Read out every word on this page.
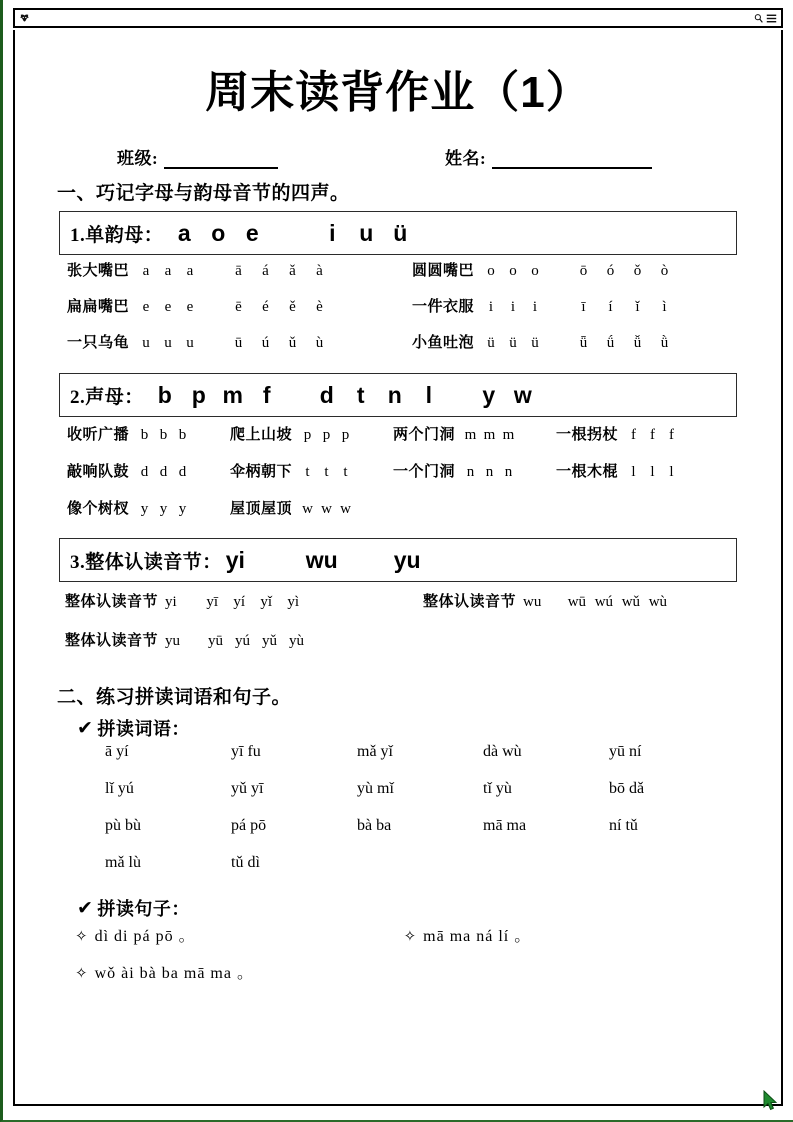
周末读背作业（1）
班级:	姓名:
一、巧记字母与韵母音节的四声。
1.单韵母： a o e	i	u ü
张大嘴巴 a	a	a	ā	á	ǎ	à	圆圆嘴巴 o o o	ō	ó	ǒ	ò
扁扁嘴巴 e	e	e	ē	é	ě	è	一件衣服 i	i	i	ī	í	ǐ	ì
一只乌龟 u u u	ū	ú	ǔ	ù	小鱼吐泡 ü ü ü	ǖ	ǘ	ǚ	ǜ
2.声母： b p m f	d	t	n	l	y w
收听广播 b b b	爬上山坡 p p p	两个门洞 m m m	一根拐杖 f f f
敲响队鼓 d d d	伞柄朝下 t t t	一个门洞 n n n	一根木棍 l l l
像个树杈 y y y	屋顶屋顶 w w w
3.整体认读音节： yi	wu	yu
整体认读音节 yi	yī	yí	yǐ	yì	整体认读音节 wu wū wú wǔ wù
整体认读音节 yu	yū yú yǔ yù
二、练习拼读词语和句子。
✔ 拼读词语：
ā yí	yī fu	mǎ yǐ	dà wù	yū ní
lǐ yú	yǔ yī	yù mǐ	tǐ yù	bō dǎ
pù bù	pá pō	bà ba	mā ma	ní tǔ
mǎ lù	tǔ dì
✔ 拼读句子：
✧ dì di pá pō 。	✧ mā ma ná lí 。
✧ wǒ ài bà ba mā ma 。
